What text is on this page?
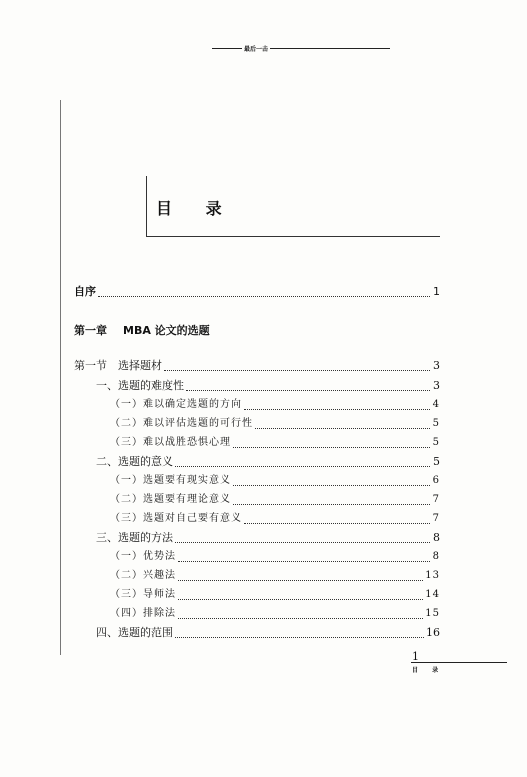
最后一击
目 录
自序	1
第一章 MBA 论文的选题
第一节　选择题材	3
一、选题的难度性	3
（一）难以确定选题的方向	4
（二）难以评估选题的可行性	5
（三）难以战胜恐惧心理	5
二、选题的意义	5
（一）选题要有现实意义	6
（二）选题要有理论意义	7
（三）选题对自己要有意义	7
三、选题的方法	8
（一）优势法	8
（二）兴趣法	13
（三）导师法	14
（四）排除法	15
四、选题的范围	16
1
目 录
